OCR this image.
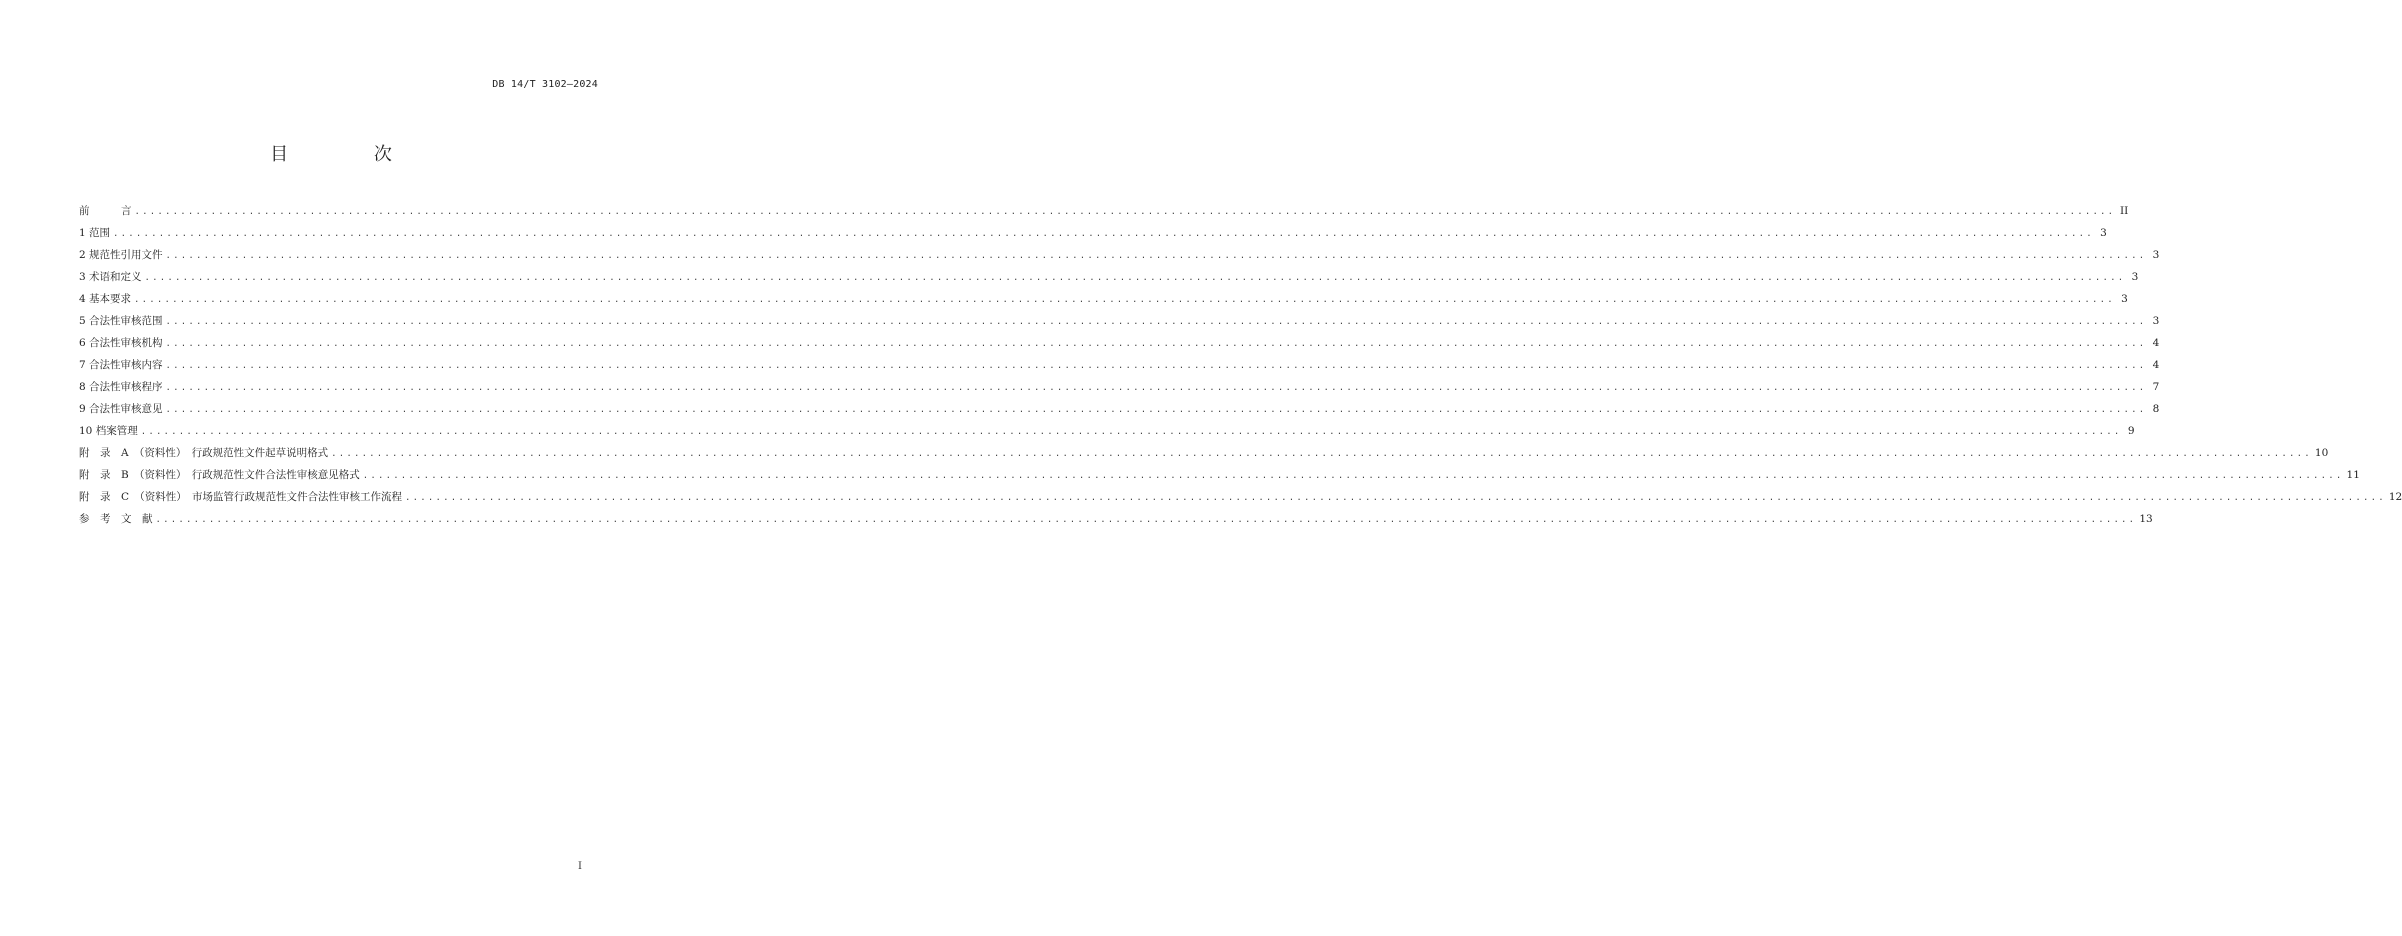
DB 14/T 3102—2024
目 次
前　　　言 .................................................................................................................................................................................................................................................................... II
1 范围 .................................................................................................................................................................................................................................................................... 3
2 规范性引用文件 .................................................................................................................................................................................................................................................................... 3
3 术语和定义 .................................................................................................................................................................................................................................................................... 3
4 基本要求 .................................................................................................................................................................................................................................................................... 3
5 合法性审核范围 .................................................................................................................................................................................................................................................................... 3
6 合法性审核机构 .................................................................................................................................................................................................................................................................... 4
7 合法性审核内容 .................................................................................................................................................................................................................................................................... 4
8 合法性审核程序 .................................................................................................................................................................................................................................................................... 7
9 合法性审核意见 .................................................................................................................................................................................................................................................................... 8
10 档案管理 .................................................................................................................................................................................................................................................................... 9
附　录　A　（资料性）　行政规范性文件起草说明格式 .................................................................................................................................................................................................................................................................... 10
附　录　B　（资料性）　行政规范性文件合法性审核意见格式 .................................................................................................................................................................................................................................................................... 11
附　录　C　（资料性）　市场监管行政规范性文件合法性审核工作流程 .................................................................................................................................................................................................................................................................... 12
参　考　文　献 .................................................................................................................................................................................................................................................................... 13
I
